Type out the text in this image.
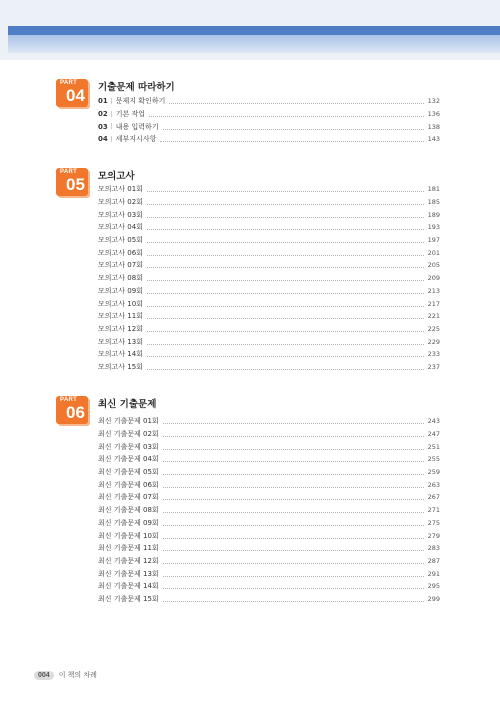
PART
04 기출문제 따라하기
01 | 문제지 확인하기	132
02 | 기본 작업	136
03 | 내용 입력하기	138
04 | 세부지시사항	143
PART
05 모의고사
모의고사 01회	181
모의고사 02회	185
모의고사 03회	189
모의고사 04회	193
모의고사 05회	197
모의고사 06회	201
모의고사 07회	205
모의고사 08회	209
모의고사 09회	213
모의고사 10회	217
모의고사 11회	221
모의고사 12회	225
모의고사 13회	229
모의고사 14회	233
모의고사 15회	237
PART
06 최신 기출문제
최신 기출문제 01회	243
최신 기출문제 02회	247
최신 기출문제 03회	251
최신 기출문제 04회	255
최신 기출문제 05회	259
최신 기출문제 06회	263
최신 기출문제 07회	267
최신 기출문제 08회	271
최신 기출문제 09회	275
최신 기출문제 10회	279
최신 기출문제 11회	283
최신 기출문제 12회	287
최신 기출문제 13회	291
최신 기출문제 14회	295
최신 기출문제 15회	299
004	이 책의 차례
